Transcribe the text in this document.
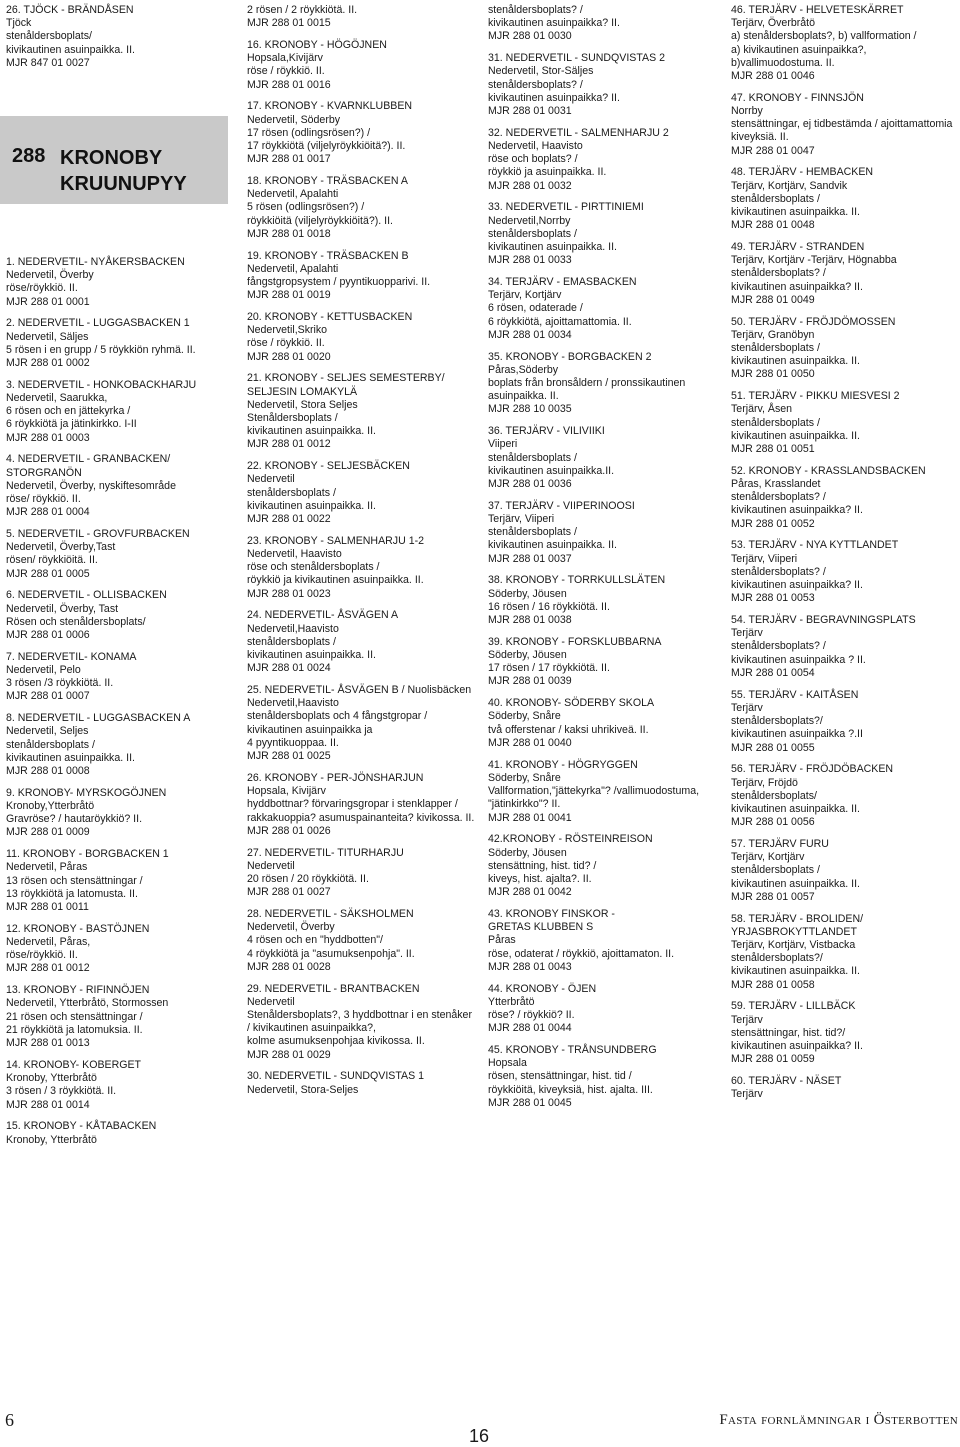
26. TJÖCK - BRÄNDÅSEN
Tjöck
stenåldersboplats/
kivikautinen asuinpaikka. II.
MJR 847 01 0027
288 KRONOBY
KRUUNUPYY
1. NEDERVETIL- NYÅKERSBACKEN
Nedervetil, Överby
röse/röykkiö. II.
MJR 288 01 0001
2. NEDERVETIL - LUGGASBACKEN 1
Nedervetil, Säljes
5 rösen i en grupp / 5 röykkiön ryhmä. II.
MJR 288 01 0002
3. NEDERVETIL - HONKOBACKHARJU
Nedervetil, Saarukka,
6 rösen och en jättekyrka /
6 röykkiötä ja jätinkirkko. I-II
MJR 288 01 0003
4. NEDERVETIL - GRANBACKEN/
STORGRANÖN
Nedervetil, Överby, nyskiftesområde
röse/ röykkiö. II.
MJR 288 01 0004
5. NEDERVETIL - GROVFURBACKEN
Nedervetil, Överby,Tast
rösen/ röykkiöitä. II.
MJR 288 01 0005
6. NEDERVETIL - OLLISBACKEN
Nedervetil, Överby, Tast
Rösen och stenåldersboplats/
MJR 288 01 0006
7. NEDERVETIL- KONAMA
Nedervetil, Pelo
3 rösen /3 röykkiötä. II.
MJR 288 01 0007
8. NEDERVETIL - LUGGASBACKEN A
Nedervetil, Seljes
stenåldersboplats /
kivikautinen asuinpaikka. II.
MJR 288 01 0008
9. KRONOBY- MYRSKOGÖJNEN
Kronoby,Ytterbråtö
Gravröse? / hautaröykkiö? II.
MJR 288 01 0009
11. KRONOBY - BORGBACKEN 1
Nedervetil, Påras
13 rösen och stensättningar /
13 röykkiötä ja latomusta. II.
MJR 288 01 0011
12. KRONOBY - BASTÖJNEN
Nedervetil, Påras,
röse/röykkiö. II.
MJR 288 01 0012
13. KRONOBY - RIFINNÖJEN
Nedervetil, Ytterbråtö, Stormossen
21 rösen och stensättningar /
21 röykkiötä ja latomuksia. II.
MJR 288 01 0013
14. KRONOBY- KOBERGET
Kronoby, Ytterbråtö
3 rösen / 3 röykkiötä. II.
MJR 288 01 0014
15. KRONOBY - KÅTABACKEN
Kronoby, Ytterbråtö
2 rösen / 2 röykkiötä. II.
MJR 288 01 0015
16. KRONOBY - HÖGÖJNEN
Hopsala,Kivijärv
röse / röykkiö. II.
MJR 288 01 0016
17. KRONOBY - KVARNKLUBBEN
Nedervetil, Söderby
17 rösen (odlingsrösen?) /
17 röykkiötä (viljelyröykkiöitä?). II.
MJR 288 01 0017
18. KRONOBY - TRÄSBACKEN A
Nedervetil, Apalahti
5 rösen (odlingsrösen?) /
röykkiöitä (viljelyröykkiöitä?). II.
MJR 288 01 0018
19. KRONOBY - TRÄSBACKEN B
Nedervetil, Apalahti
fångstgropsystem / pyyntikuopparivi. II.
MJR 288 01 0019
20. KRONOBY - KETTUSBACKEN
Nedervetil,Skriko
röse / röykkiö. II.
MJR 288 01 0020
21. KRONOBY - SELJES SEMESTERBY/
SELJESIN LOMAKYLÄ
Nedervetil, Stora Seljes
Stenåldersboplats /
kivikautinen asuinpaikka. II.
MJR 288 01 0012
22. KRONOBY - SELJESBÄCKEN
Nedervetil
stenåldersboplats /
kivikautinen asuinpaikka. II.
MJR 288 01 0022
23. KRONOBY - SALMENHARJU 1-2
Nedervetil, Haavisto
röse och stenåldersboplats /
röykkiö ja kivikautinen asuinpaikka. II.
MJR 288 01 0023
24. NEDERVETIL- ÅSVÄGEN A
Nedervetil,Haavisto
stenåldersboplats /
kivikautinen asuinpaikka. II.
MJR 288 01 0024
25. NEDERVETIL- ÅSVÄGEN B / Nuolisbäcken
Nedervetil,Haavisto
stenåldersboplats och 4 fångstgropar /
kivikautinen asuinpaikka ja
4 pyyntikuoppaa. II.
MJR 288 01 0025
26. KRONOBY - PER-JÖNSHARJUN
Hopsala, Kivijärv
hyddbottnar? förvaringsgropar i stenklapper /
rakkakuoppia? asumuspainanteita? kivikossa. II.
MJR 288 01 0026
27. NEDERVETIL- TITURHARJU
Nedervetil
20 rösen / 20 röykkiötä. II.
MJR 288 01 0027
28. NEDERVETIL - SÄKSHOLMEN
Nedervetil, Överby
4 rösen och en "hyddbotten"/
4 röykkiötä ja "asumuksenpohja". II.
MJR 288 01 0028
29. NEDERVETIL - BRANTBACKEN
Nedervetil
Stenåldersboplats?, 3 hyddbottnar i en stenåker
/ kivikautinen asuinpaikka?,
kolme asumuksenpohjaa kivikossa. II.
MJR 288 01 0029
30. NEDERVETIL - SUNDQVISTAS 1
Nedervetil, Stora-Seljes
stenåldersboplats? /
kivikautinen asuinpaikka? II.
MJR 288 01 0030
31. NEDERVETIL - SUNDQVISTAS 2
Nedervetil, Stor-Säljes
stenåldersboplats? /
kivikautinen asuinpaikka? II.
MJR 288 01 0031
32. NEDERVETIL - SALMENHARJU 2
Nedervetil, Haavisto
röse och boplats? /
röykkiö ja asuinpaikka. II.
MJR 288 01 0032
33. NEDERVETIL - PIRTTINIEMI
Nedervetil,Norrby
stenåldersboplats /
kivikautinen asuinpaikka. II.
MJR 288 01 0033
34. TERJÄRV - EMASBACKEN
Terjärv, Kortjärv
6 rösen, odaterade /
6 röykkiötä, ajoittamattomia. II.
MJR 288 01 0034
35. KRONOBY - BORGBACKEN 2
Påras,Söderby
boplats från bronsåldern / pronssikautinen
asuinpaikka. II.
MJR 288 10 0035
36. TERJÄRV - VILIVIIKI
Viiperi
stenåldersboplats /
kivikautinen asuinpaikka.II.
MJR 288 01 0036
37. TERJÄRV - VIIPERINOOSI
Terjärv, Viiperi
stenåldersboplats /
kivikautinen asuinpaikka. II.
MJR 288 01 0037
38. KRONOBY - TORRKULLSLÄTEN
Söderby, Jöusen
16 rösen / 16 röykkiötä. II.
MJR 288 01 0038
39. KRONOBY - FORSKLUBBARNA
Söderby, Jöusen
17 rösen / 17 röykkiötä. II.
MJR 288 01 0039
40. KRONOBY- SÖDERBY SKOLA
Söderby, Snåre
två offerstenar / kaksi uhrikiveä. II.
MJR 288 01 0040
41. KRONOBY - HÖGRYGGEN
Söderby, Snåre
Vallformation,"jättekyrka"? /vallimuodostuma,
"jätinkirkko"? II.
MJR 288 01 0041
42.KRONOBY - RÖSTEINREISON
Söderby, Jöusen
stensättning, hist. tid? /
kiveys, hist. ajalta?. II.
MJR 288 01 0042
43. KRONOBY FINSKOR -
GRETAS KLUBBEN S
Påras
röse, odaterat / röykkiö, ajoittamaton. II.
MJR 288 01 0043
44. KRONOBY - ÖJEN
Ytterbråtö
röse? / röykkiö? II.
MJR 288 01 0044
45. KRONOBY - TRÅNSUNDBERG
Hopsala
rösen, stensättningar, hist. tid /
röykkiöitä, kiveyksiä, hist. ajalta. III.
MJR 288 01 0045
46. TERJÄRV - HELVETESKÄRRET
Terjärv, Överbråtö
a) stenåldersboplats?, b) vallformation /
a) kivikautinen asuinpaikka?,
b)vallimuodostuma. II.
MJR 288 01 0046
47. KRONOBY - FINNSJÖN
Norrby
stensättningar, ej tidbestämda / ajoittamattomia
kiveyksiä. II.
MJR 288 01 0047
48. TERJÄRV - HEMBACKEN
Terjärv, Kortjärv, Sandvik
stenåldersboplats /
kivikautinen asuinpaikka. II.
MJR 288 01 0048
49. TERJÄRV - STRANDEN
Terjärv, Kortjärv -Terjärv, Högnabba
stenåldersboplats? /
kivikautinen asuinpaikka? II.
MJR 288 01 0049
50. TERJÄRV - FRÖJDÖMOSSEN
Terjärv, Granöbyn
stenåldersboplats /
kivikautinen asuinpaikka. II.
MJR 288 01 0050
51. TERJÄRV - PIKKU MIESVESI 2
Terjärv, Åsen
stenåldersboplats /
kivikautinen asuinpaikka. II.
MJR 288 01 0051
52. KRONOBY - KRASSLANDSBACKEN
Påras, Krasslandet
stenåldersboplats? /
kivikautinen asuinpaikka? II.
MJR 288 01 0052
53. TERJÄRV - NYA KYTTLANDET
Terjärv, Viiperi
stenåldersboplats? /
kivikautinen asuinpaikka? II.
MJR 288 01 0053
54. TERJÄRV - BEGRAVNINGSPLATS
Terjärv
stenåldersboplats? /
kivikautinen asuinpaikka ? II.
MJR 288 01 0054
55. TERJÄRV - KAITÅSEN
Terjärv
stenåldersboplats?/
kivikautinen asuinpaikka ?.II
MJR 288 01 0055
56. TERJÄRV - FRÖJDÖBACKEN
Terjärv, Fröjdö
stenåldersboplats/
kivikautinen asuinpaikka. II.
MJR 288 01 0056
57. TERJÄRV FURU
Terjärv, Kortjärv
stenåldersboplats /
kivikautinen asuinpaikka. II.
MJR 288 01 0057
58. TERJÄRV - BROLIDEN/
YRJASBROKYTTLANDET
Terjärv, Kortjärv, Vistbacka
stenåldersboplats?/
kivikautinen asuinpaikka. II.
MJR 288 01 0058
59. TERJÄRV - LILLBÄCK
Terjärv
stensättningar, hist. tid?/
kivikautinen asuinpaikka? II.
MJR 288 01 0059
60. TERJÄRV - NÄSET
Terjärv
6
16
Fasta fornlämningar i Österbotten
